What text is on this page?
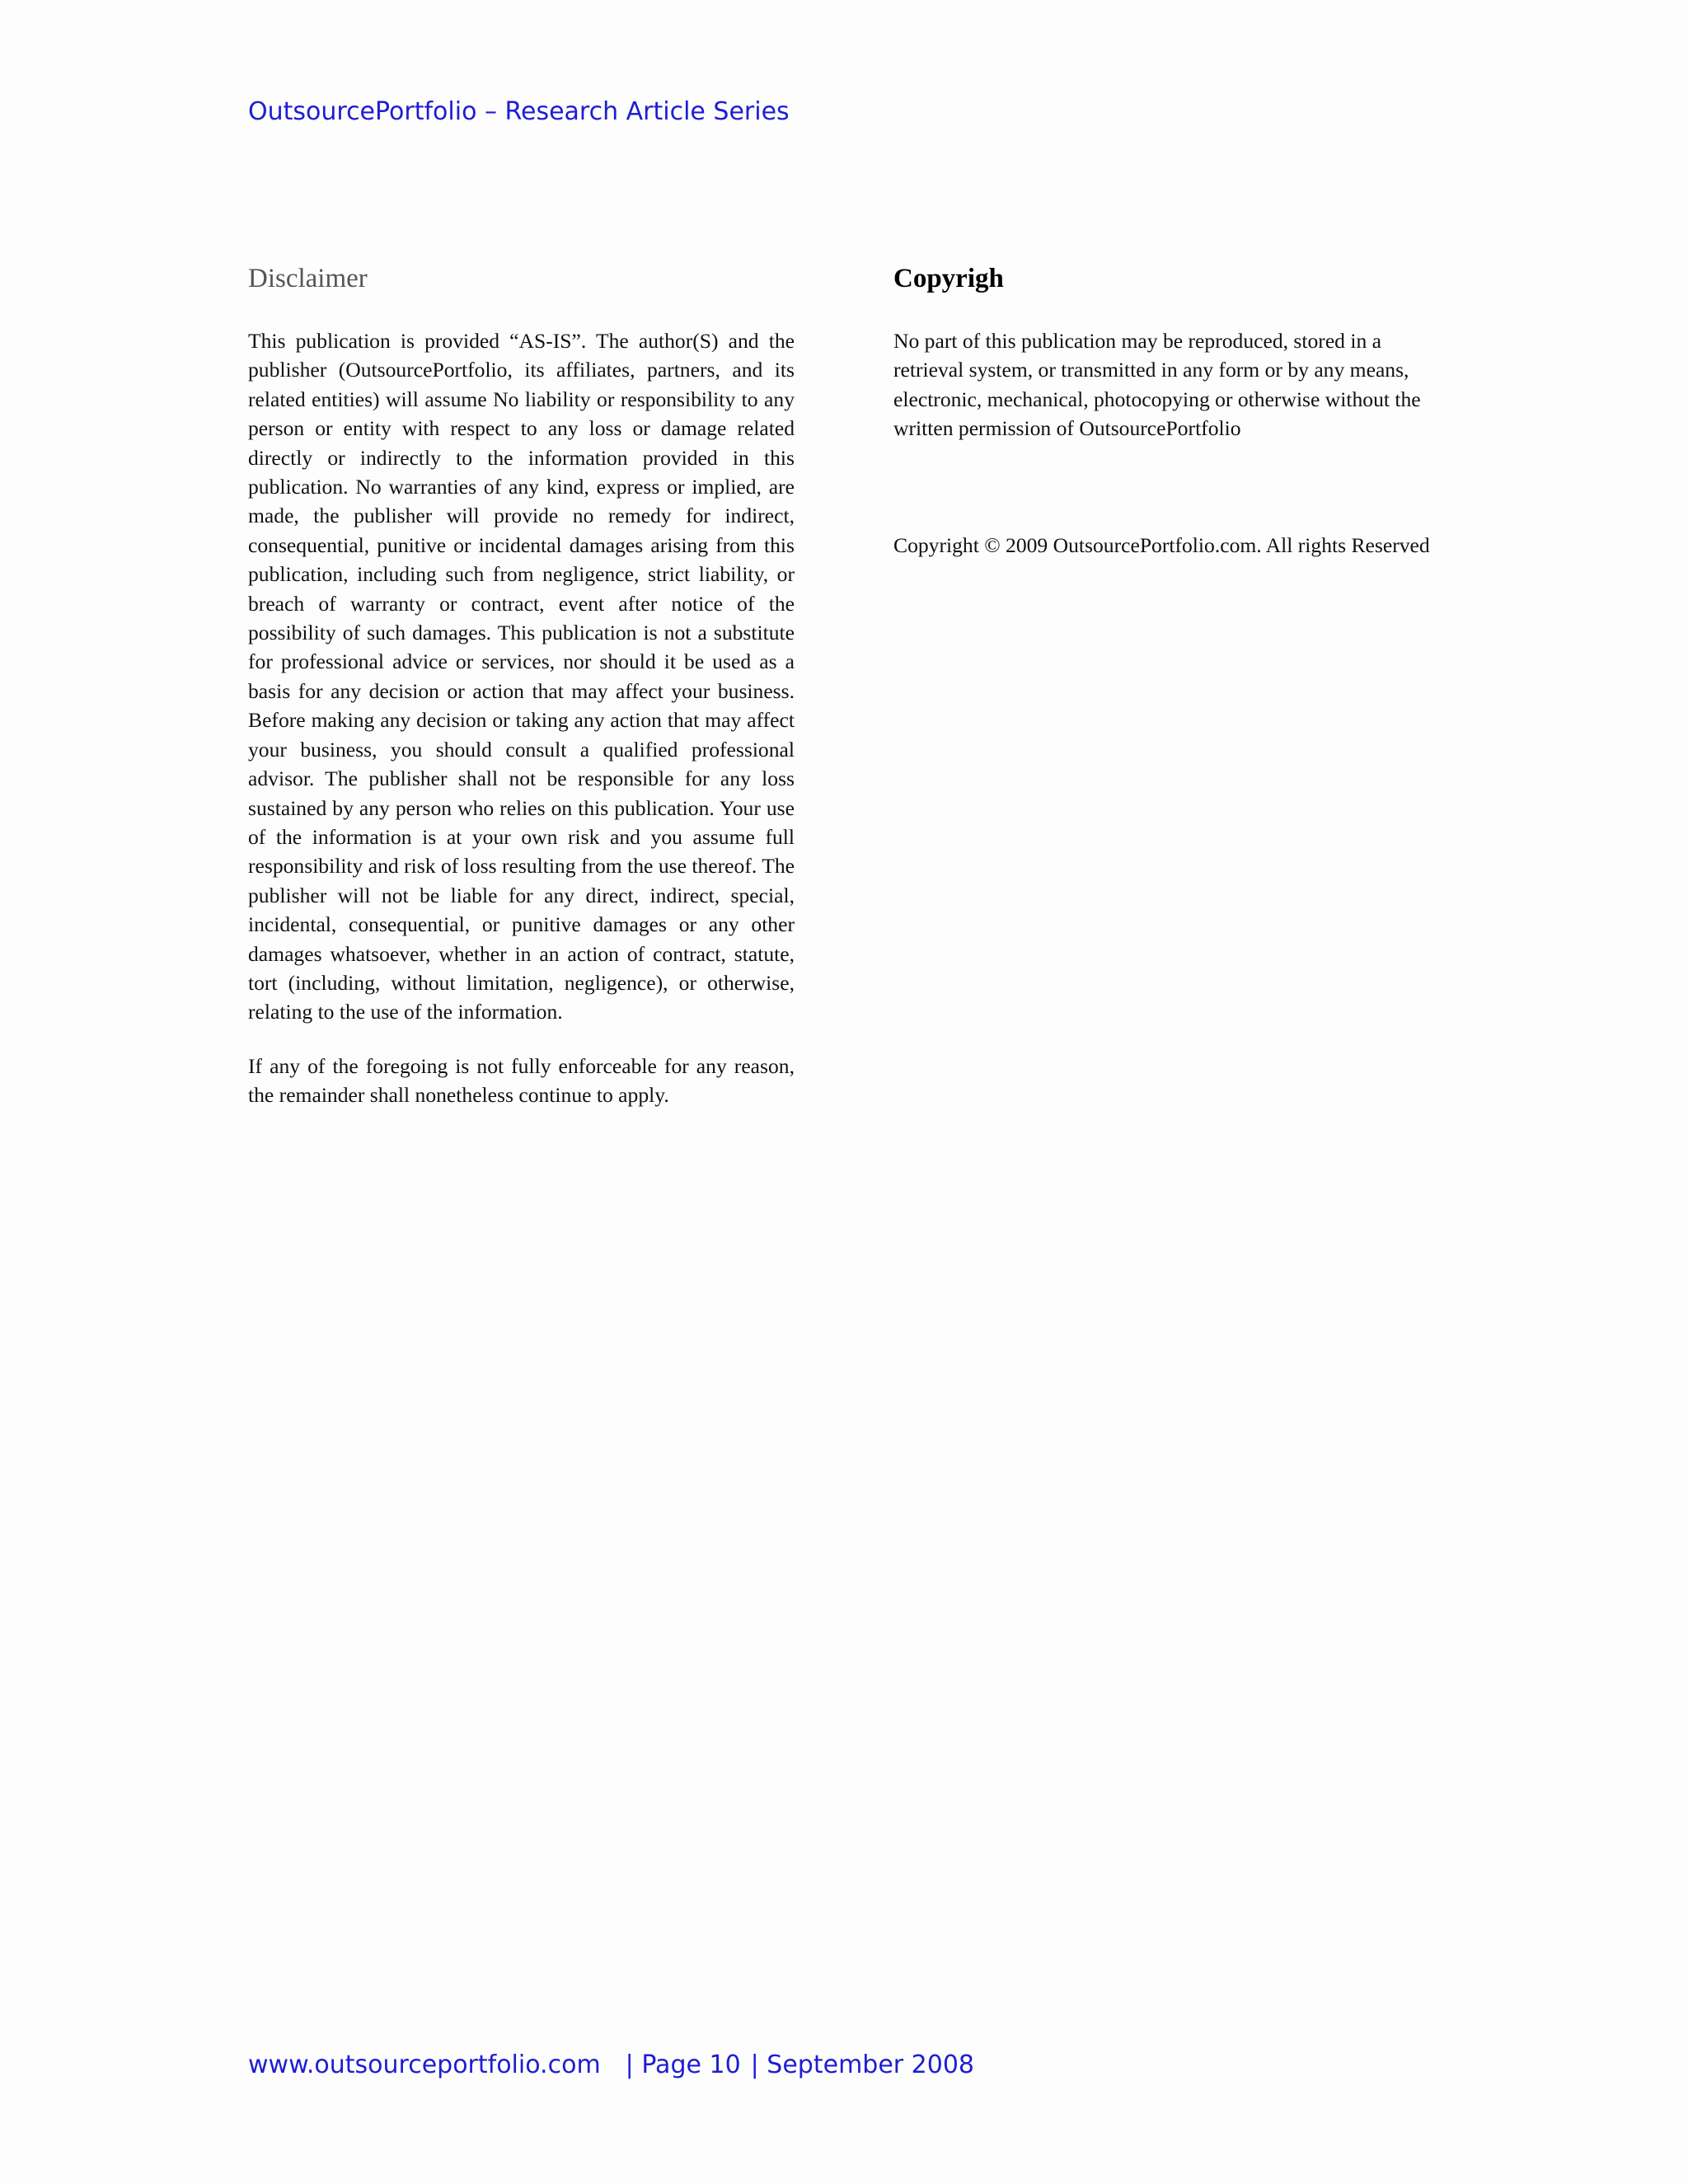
OutsourcePortfolio – Research Article Series
Disclaimer

This publication is provided “AS-IS”. The author(S) and the publisher (OutsourcePortfolio, its affiliates, partners, and its related entities) will assume No liability or responsibility to any person or entity with respect to any loss or damage related directly or indirectly to the information provided in this publication. No warranties of any kind, express or implied, are made, the publisher will provide no remedy for indirect, consequential, punitive or incidental damages arising from this publication, including such from negligence, strict liability, or breach of warranty or contract, event after notice of the possibility of such damages. This publication is not a substitute for professional advice or services, nor should it be used as a basis for any decision or action that may affect your business. Before making any decision or taking any action that may affect your business, you should consult a qualified professional advisor. The publisher shall not be responsible for any loss sustained by any person who relies on this publication. Your use of the information is at your own risk and you assume full responsibility and risk of loss resulting from the use thereof. The publisher will not be liable for any direct, indirect, special, incidental, consequential, or punitive damages or any other damages whatsoever, whether in an action of contract, statute, tort (including, without limitation, negligence), or otherwise, relating to the use of the information.

If any of the foregoing is not fully enforceable for any reason, the remainder shall nonetheless continue to apply.

Copyrigh

No part of this publication may be reproduced, stored in a retrieval system, or transmitted in any form or by any means, electronic, mechanical, photocopying or otherwise without the written permission of OutsourcePortfolio

Copyright © 2009 OutsourcePortfolio.com. All rights Reserved

www.outsourceportfolio.com | Page 10 | September 2008
